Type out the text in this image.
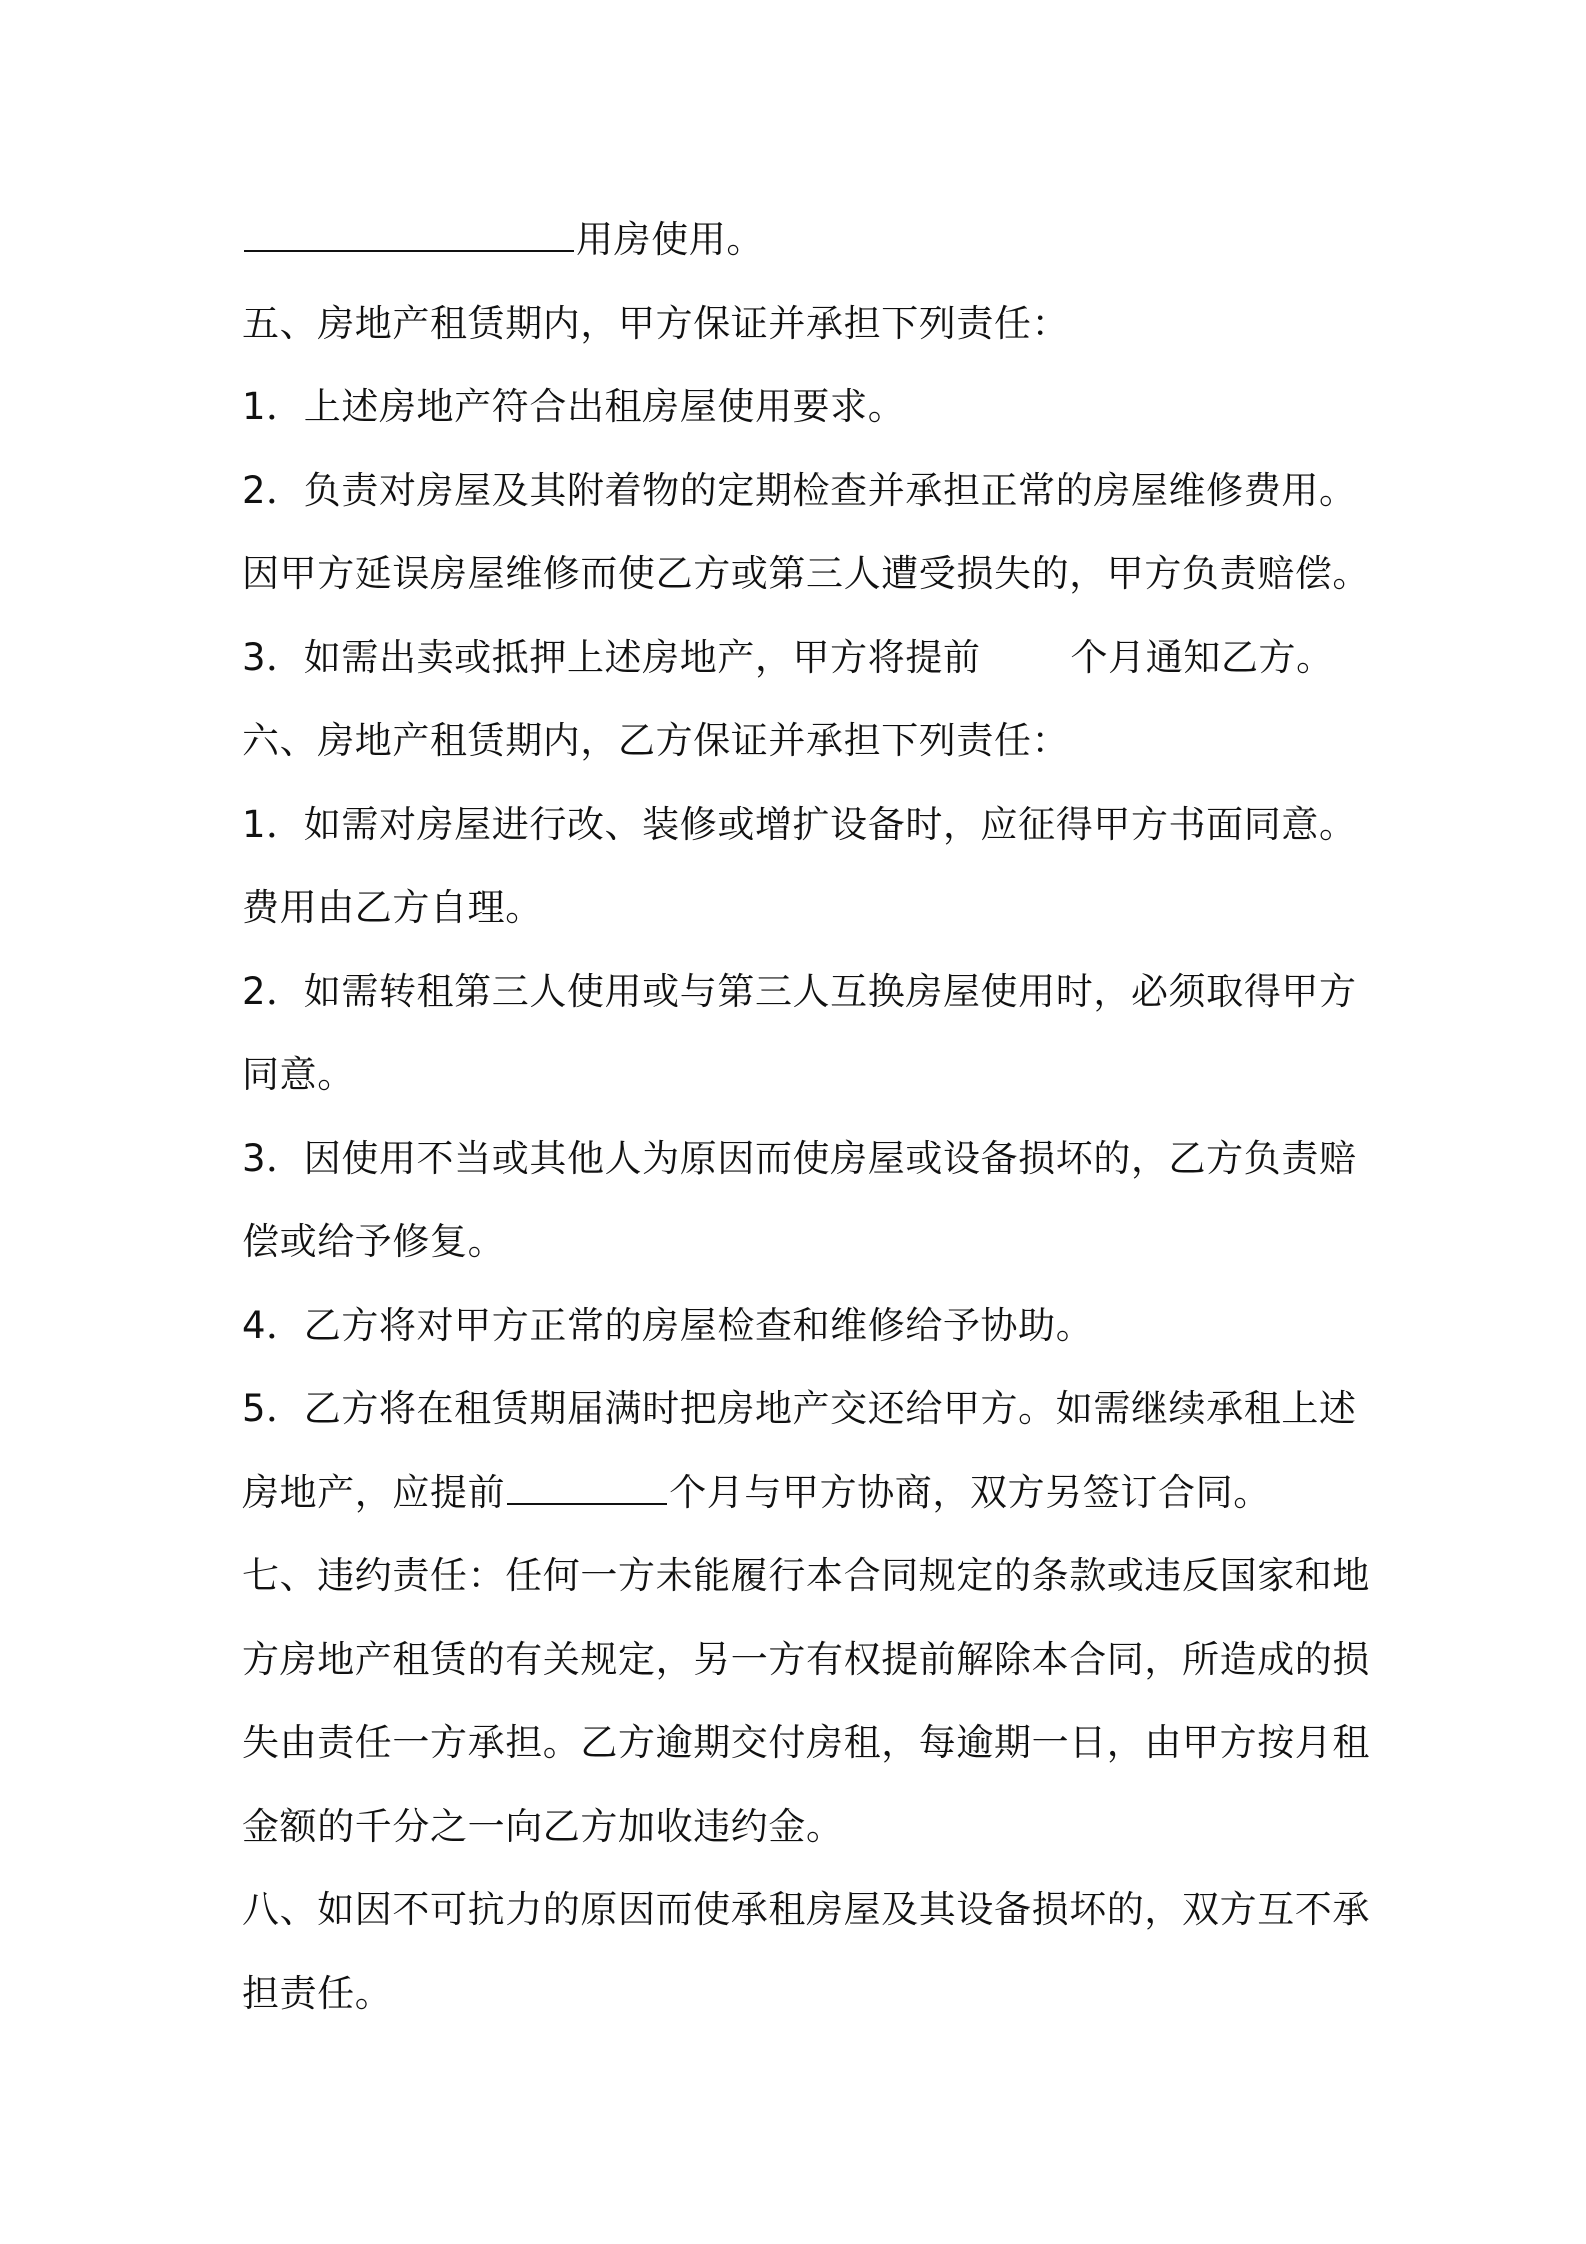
用房使用。
五、房地产租赁期内，甲方保证并承担下列责任：
1．上述房地产符合出租房屋使用要求。
2．负责对房屋及其附着物的定期检查并承担正常的房屋维修费用。
因甲方延误房屋维修而使乙方或第三人遭受损失的，甲方负责赔偿。
3．如需出卖或抵押上述房地产，甲方将提前 个月通知乙方。
六、房地产租赁期内，乙方保证并承担下列责任：
1．如需对房屋进行改、装修或增扩设备时，应征得甲方书面同意。
费用由乙方自理。
2．如需转租第三人使用或与第三人互换房屋使用时，必须取得甲方
同意。
3．因使用不当或其他人为原因而使房屋或设备损坏的，乙方负责赔
偿或给予修复。
4．乙方将对甲方正常的房屋检查和维修给予协助。
5．乙方将在租赁期届满时把房地产交还给甲方。如需继续承租上述
房地产，应提前	个月与甲方协商，双方另签订合同。
七、违约责任：任何一方未能履行本合同规定的条款或违反国家和地
方房地产租赁的有关规定，另一方有权提前解除本合同，所造成的损
失由责任一方承担。乙方逾期交付房租，每逾期一日，由甲方按月租
金额的千分之一向乙方加收违约金。
八、如因不可抗力的原因而使承租房屋及其设备损坏的，双方互不承
担责任。
